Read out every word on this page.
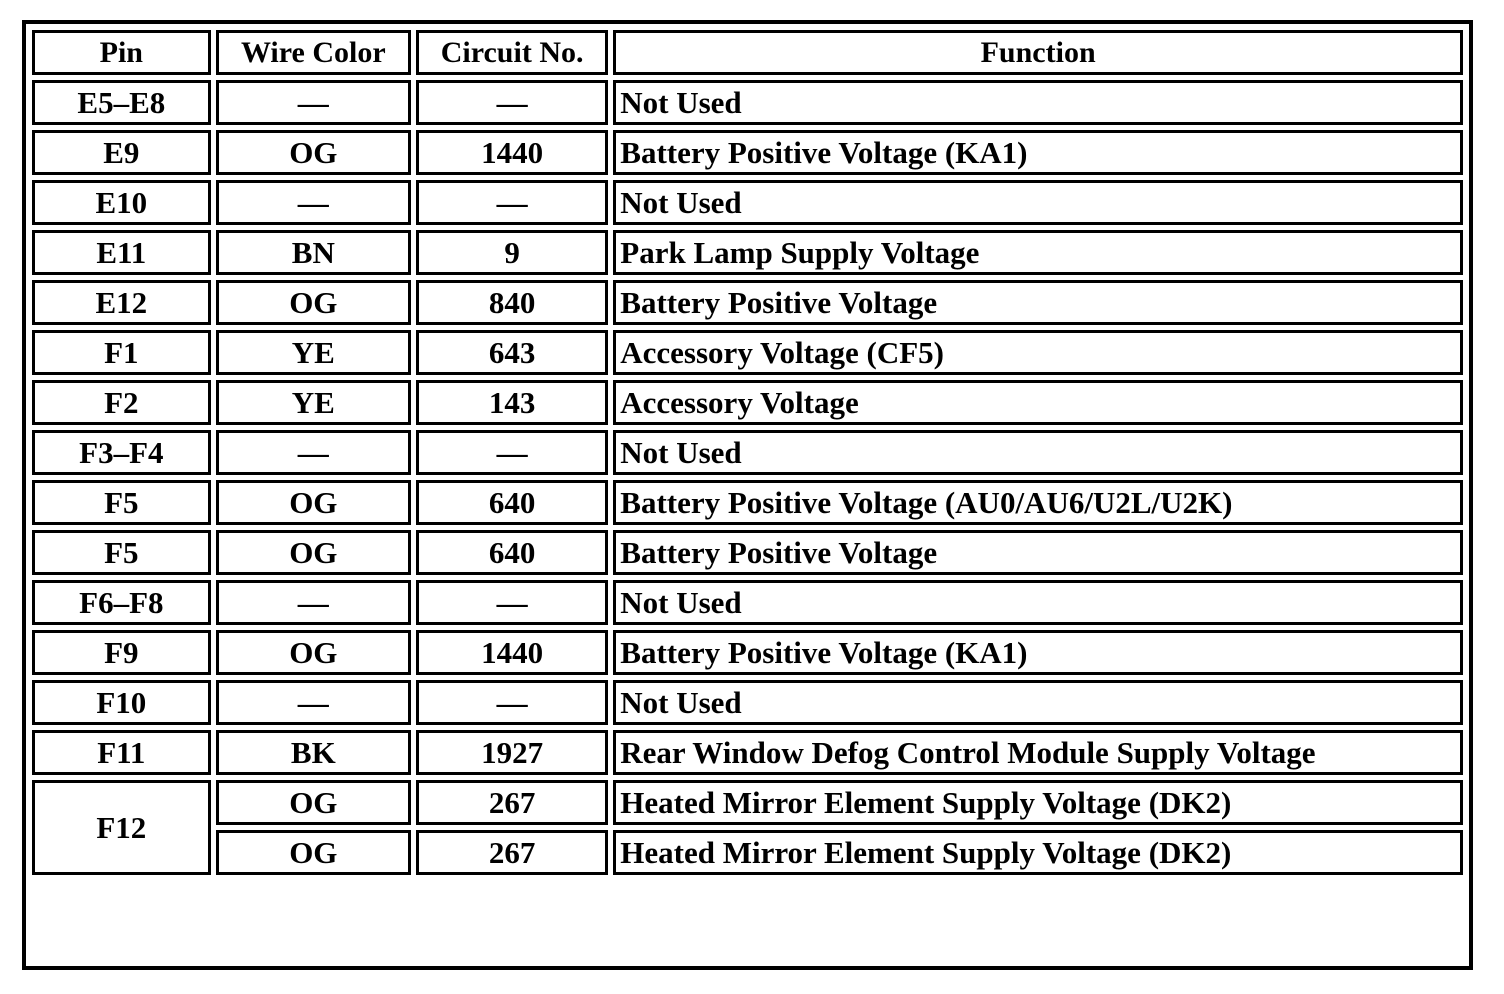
Pin	Wire Color	Circuit No.	Function
E5–E8	—	—	Not Used
E9	OG	1440	Battery Positive Voltage (KA1)
E10	—	—	Not Used
E11	BN	9	Park Lamp Supply Voltage
E12	OG	840	Battery Positive Voltage
F1	YE	643	Accessory Voltage (CF5)
F2	YE	143	Accessory Voltage
F3–F4	—	—	Not Used
F5	OG	640	Battery Positive Voltage (AU0/AU6/U2L/U2K)
F5	OG	640	Battery Positive Voltage
F6–F8	—	—	Not Used
F9	OG	1440	Battery Positive Voltage (KA1)
F10	—	—	Not Used
F11	BK	1927	Rear Window Defog Control Module Supply Voltage
F12	OG	267	Heated Mirror Element Supply Voltage (DK2)
	OG	267	Heated Mirror Element Supply Voltage (DK2)
